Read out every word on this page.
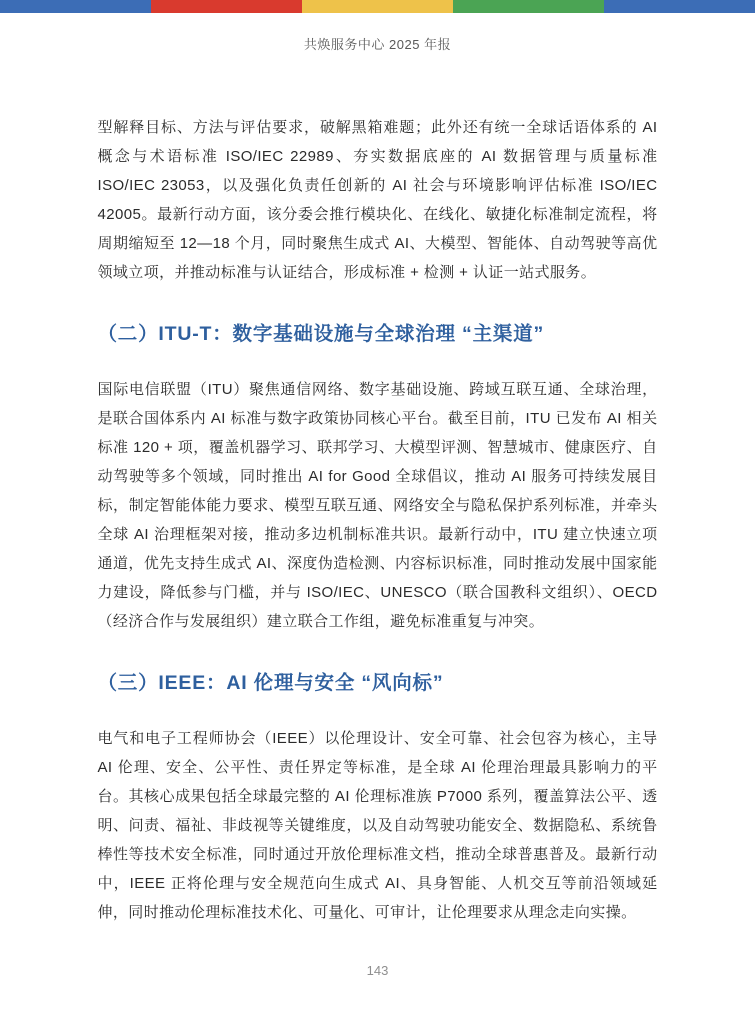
共焕服务中心 2025 年报

型解释目标、方法与评估要求，破解黑箱难题；此外还有统一全球话语体系的 AI 概念与术语标准 ISO/IEC 22989、夯实数据底座的 AI 数据管理与质量标准 ISO/IEC 23053，以及强化负责任创新的 AI 社会与环境影响评估标准 ISO/IEC 42005。最新行动方面，该分委会推行模块化、在线化、敏捷化标准制定流程，将周期缩短至 12—18 个月，同时聚焦生成式 AI、大模型、智能体、自动驾驶等高优领域立项，并推动标准与认证结合，形成标准 + 检测 + 认证一站式服务。

（二）ITU-T：数字基础设施与全球治理 “主渠道”

国际电信联盟（ITU）聚焦通信网络、数字基础设施、跨域互联互通、全球治理，是联合国体系内 AI 标准与数字政策协同核心平台。截至目前，ITU 已发布 AI 相关标准 120 + 项，覆盖机器学习、联邦学习、大模型评测、智慧城市、健康医疗、自动驾驶等多个领域，同时推出 AI for Good 全球倡议，推动 AI 服务可持续发展目标，制定智能体能力要求、模型互联互通、网络安全与隐私保护系列标准，并牵头全球 AI 治理框架对接，推动多边机制标准共识。最新行动中，ITU 建立快速立项通道，优先支持生成式 AI、深度伪造检测、内容标识标准，同时推动发展中国家能力建设，降低参与门槛，并与 ISO/IEC、UNESCO（联合国教科文组织）、OECD（经济合作与发展组织）建立联合工作组，避免标准重复与冲突。

（三）IEEE：AI 伦理与安全 “风向标”

电气和电子工程师协会（IEEE）以伦理设计、安全可靠、社会包容为核心，主导 AI 伦理、安全、公平性、责任界定等标准，是全球 AI 伦理治理最具影响力的平台。其核心成果包括全球最完整的 AI 伦理标准族 P7000 系列，覆盖算法公平、透明、问责、福祉、非歧视等关键维度，以及自动驾驶功能安全、数据隐私、系统鲁棒性等技术安全标准，同时通过开放伦理标准文档，推动全球普惠普及。最新行动中，IEEE 正将伦理与安全规范向生成式 AI、具身智能、人机交互等前沿领域延伸，同时推动伦理标准技术化、可量化、可审计，让伦理要求从理念走向实操。

143
